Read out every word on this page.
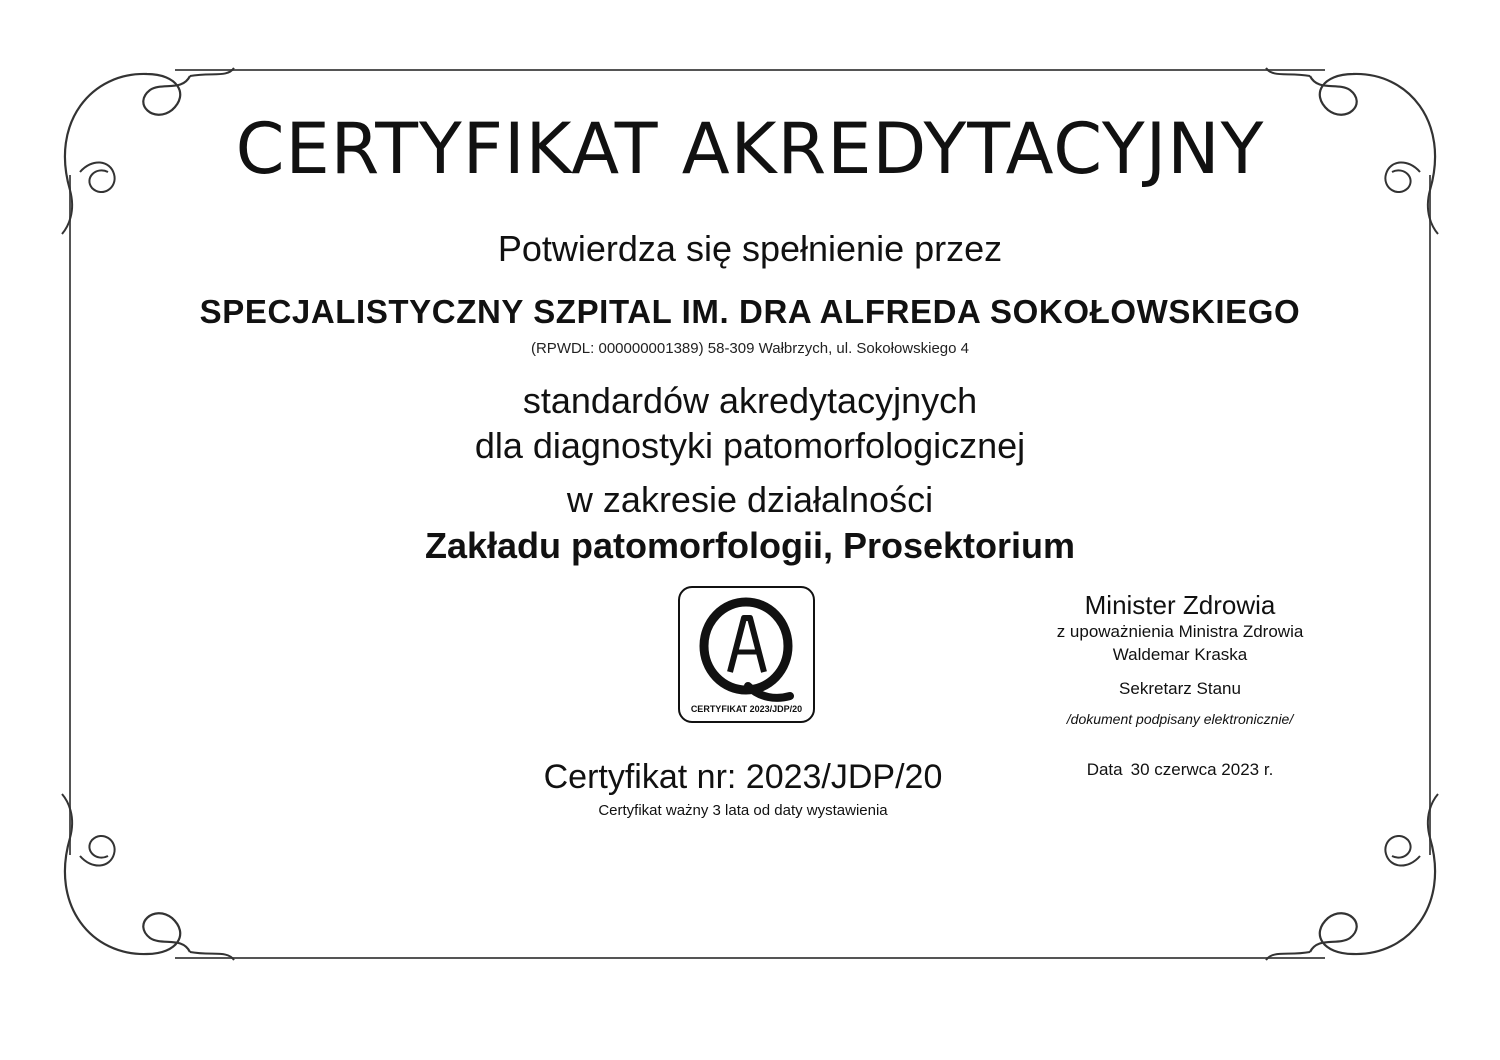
CERTYFIKAT AKREDYTACYJNY
Potwierdza się spełnienie przez
SPECJALISTYCZNY SZPITAL IM. DRA ALFREDA SOKOŁOWSKIEGO
(RPWDL: 000000001389) 58-309 Wałbrzych, ul. Sokołowskiego 4
standardów akredytacyjnych
dla diagnostyki patomorfologicznej
w zakresie działalności
Zakładu patomorfologii, Prosektorium
CERTYFIKAT 2023/JDP/20
Certyfikat nr: 2023/JDP/20
Certyfikat ważny 3 lata od daty wystawienia
Minister Zdrowia
z upoważnienia Ministra Zdrowia
Waldemar Kraska
Sekretarz Stanu
/dokument podpisany elektronicznie/
Data 30 czerwca 2023 r.
